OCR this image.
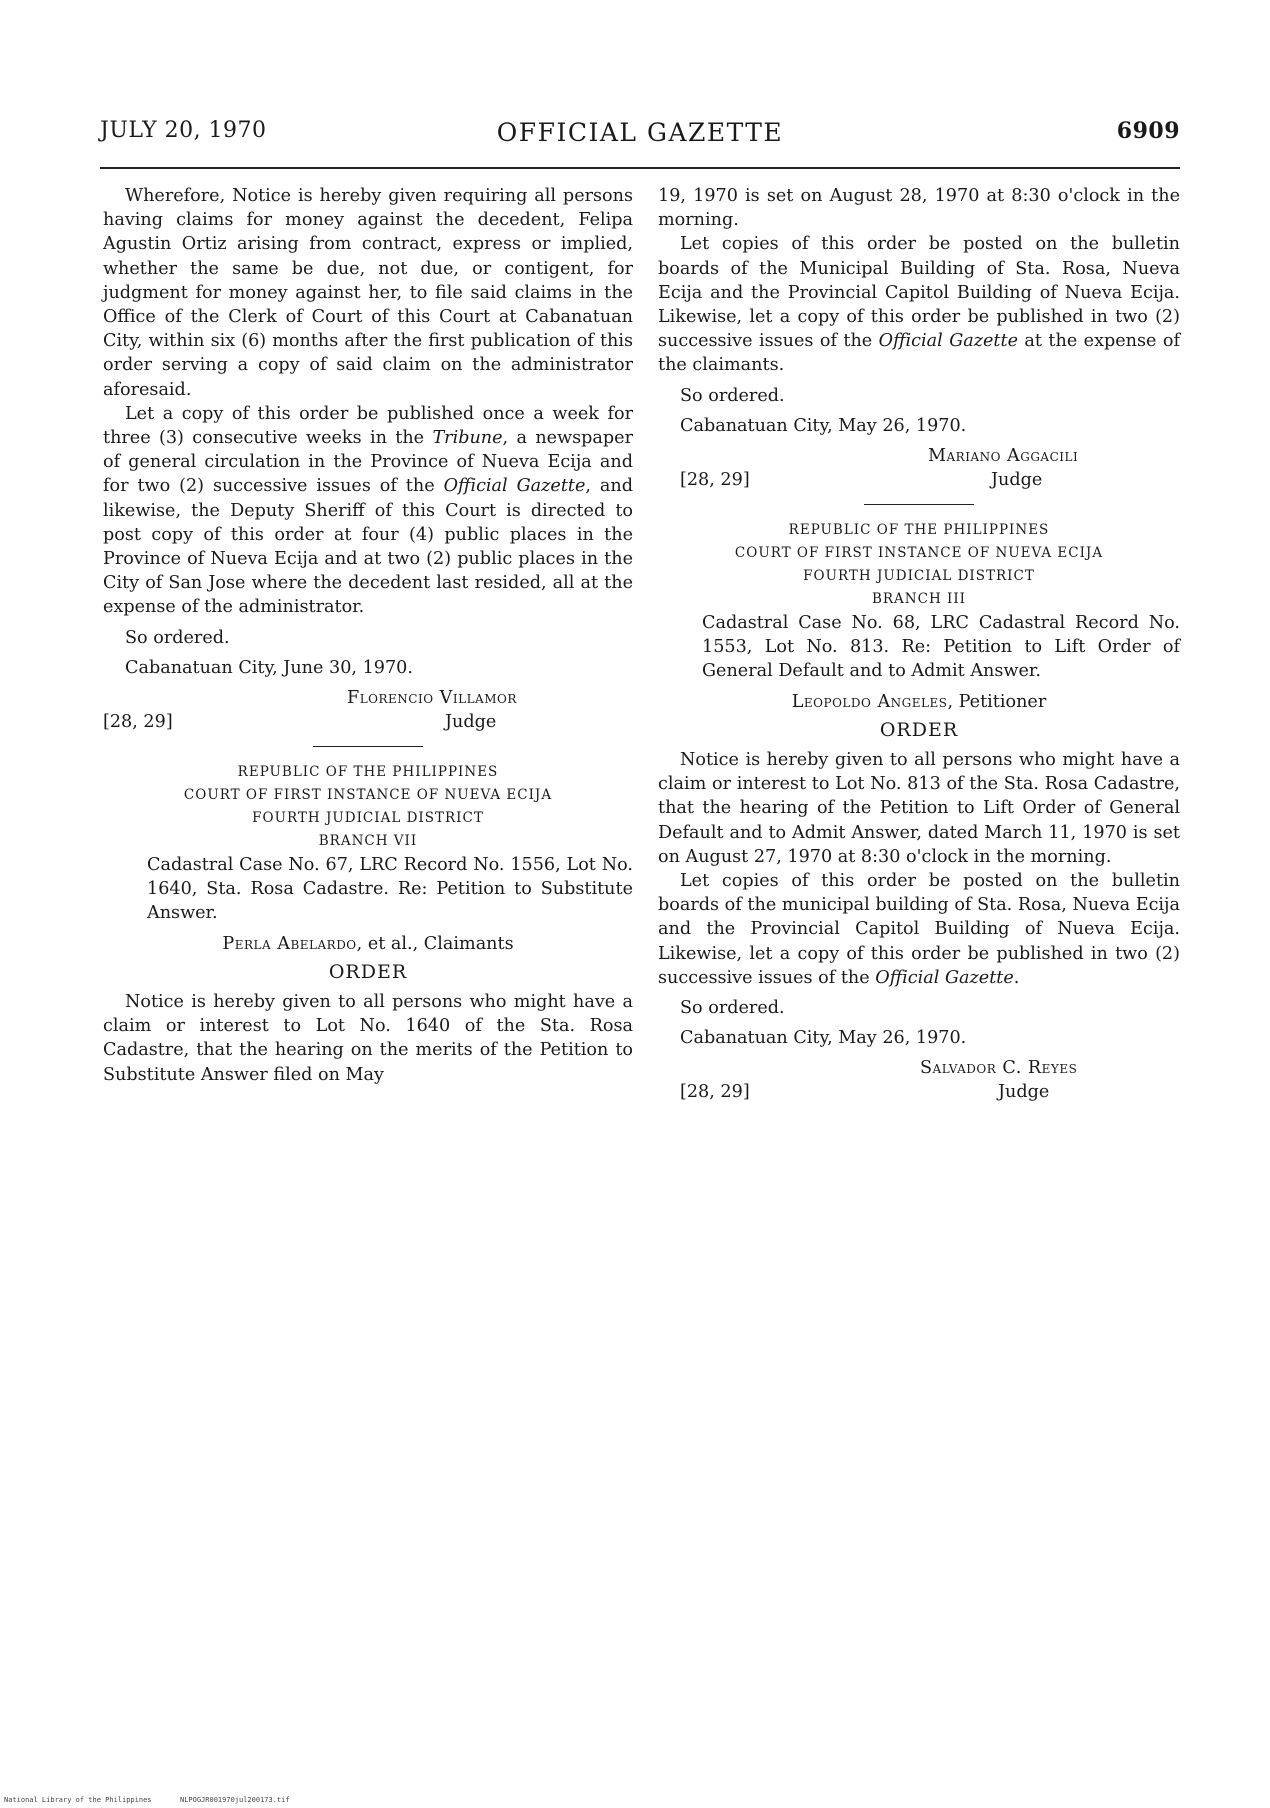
JULY 20, 1970	OFFICIAL GAZETTE	6909

Wherefore, Notice is hereby given requiring all persons having claims for money against the decedent, Felipa Agustin Ortiz arising from contract, express or implied, whether the same be due, not due, or contigent, for judgment for money against her, to file said claims in the Office of the Clerk of Court of this Court at Cabanatuan City, within six (6) months after the first publication of this order serving a copy of said claim on the administrator aforesaid.

Let a copy of this order be published once a week for three (3) consecutive weeks in the Tribune, a newspaper of general circulation in the Province of Nueva Ecija and for two (2) successive issues of the Official Gazette, and likewise, the Deputy Sheriff of this Court is directed to post copy of this order at four (4) public places in the Province of Nueva Ecija and at two (2) public places in the City of San Jose where the decedent last resided, all at the expense of the administrator.

So ordered.

Cabanatuan City, June 30, 1970.

Florencio Villamor
[28, 29]	Judge
REPUBLIC OF THE PHILIPPINES
COURT OF FIRST INSTANCE OF NUEVA ECIJA
FOURTH JUDICIAL DISTRICT
BRANCH VII

Cadastral Case No. 67, LRC Record No. 1556, Lot No. 1640, Sta. Rosa Cadastre. Re: Petition to Substitute Answer.

Perla Abelardo, et al., Claimants
ORDER

Notice is hereby given to all persons who might have a claim or interest to Lot No. 1640 of the Sta. Rosa Cadastre, that the hearing on the merits of the Petition to Substitute Answer filed on May

19, 1970 is set on August 28, 1970 at 8:30 o'clock in the morning.

Let copies of this order be posted on the bulletin boards of the Municipal Building of Sta. Rosa, Nueva Ecija and the Provincial Capitol Building of Nueva Ecija. Likewise, let a copy of this order be published in two (2) successive issues of the Official Gazette at the expense of the claimants.

So ordered.

Cabanatuan City, May 26, 1970.

Mariano Aggacili
[28, 29]	Judge
REPUBLIC OF THE PHILIPPINES
COURT OF FIRST INSTANCE OF NUEVA ECIJA
FOURTH JUDICIAL DISTRICT
BRANCH III

Cadastral Case No. 68, LRC Cadastral Record No. 1553, Lot No. 813. Re: Petition to Lift Order of General Default and to Admit Answer.

Leopoldo Angeles, Petitioner
ORDER

Notice is hereby given to all persons who might have a claim or interest to Lot No. 813 of the Sta. Rosa Cadastre, that the hearing of the Petition to Lift Order of General Default and to Admit Answer, dated March 11, 1970 is set on August 27, 1970 at 8:30 o'clock in the morning.

Let copies of this order be posted on the bulletin boards of the municipal building of Sta. Rosa, Nueva Ecija and the Provincial Capitol Building of Nueva Ecija. Likewise, let a copy of this order be published in two (2) successive issues of the Official Gazette.

So ordered.

Cabanatuan City, May 26, 1970.

Salvador C. Reyes
[28, 29]	Judge
National Library of the Philippines	NLPOGJR001970jul200173.tif
